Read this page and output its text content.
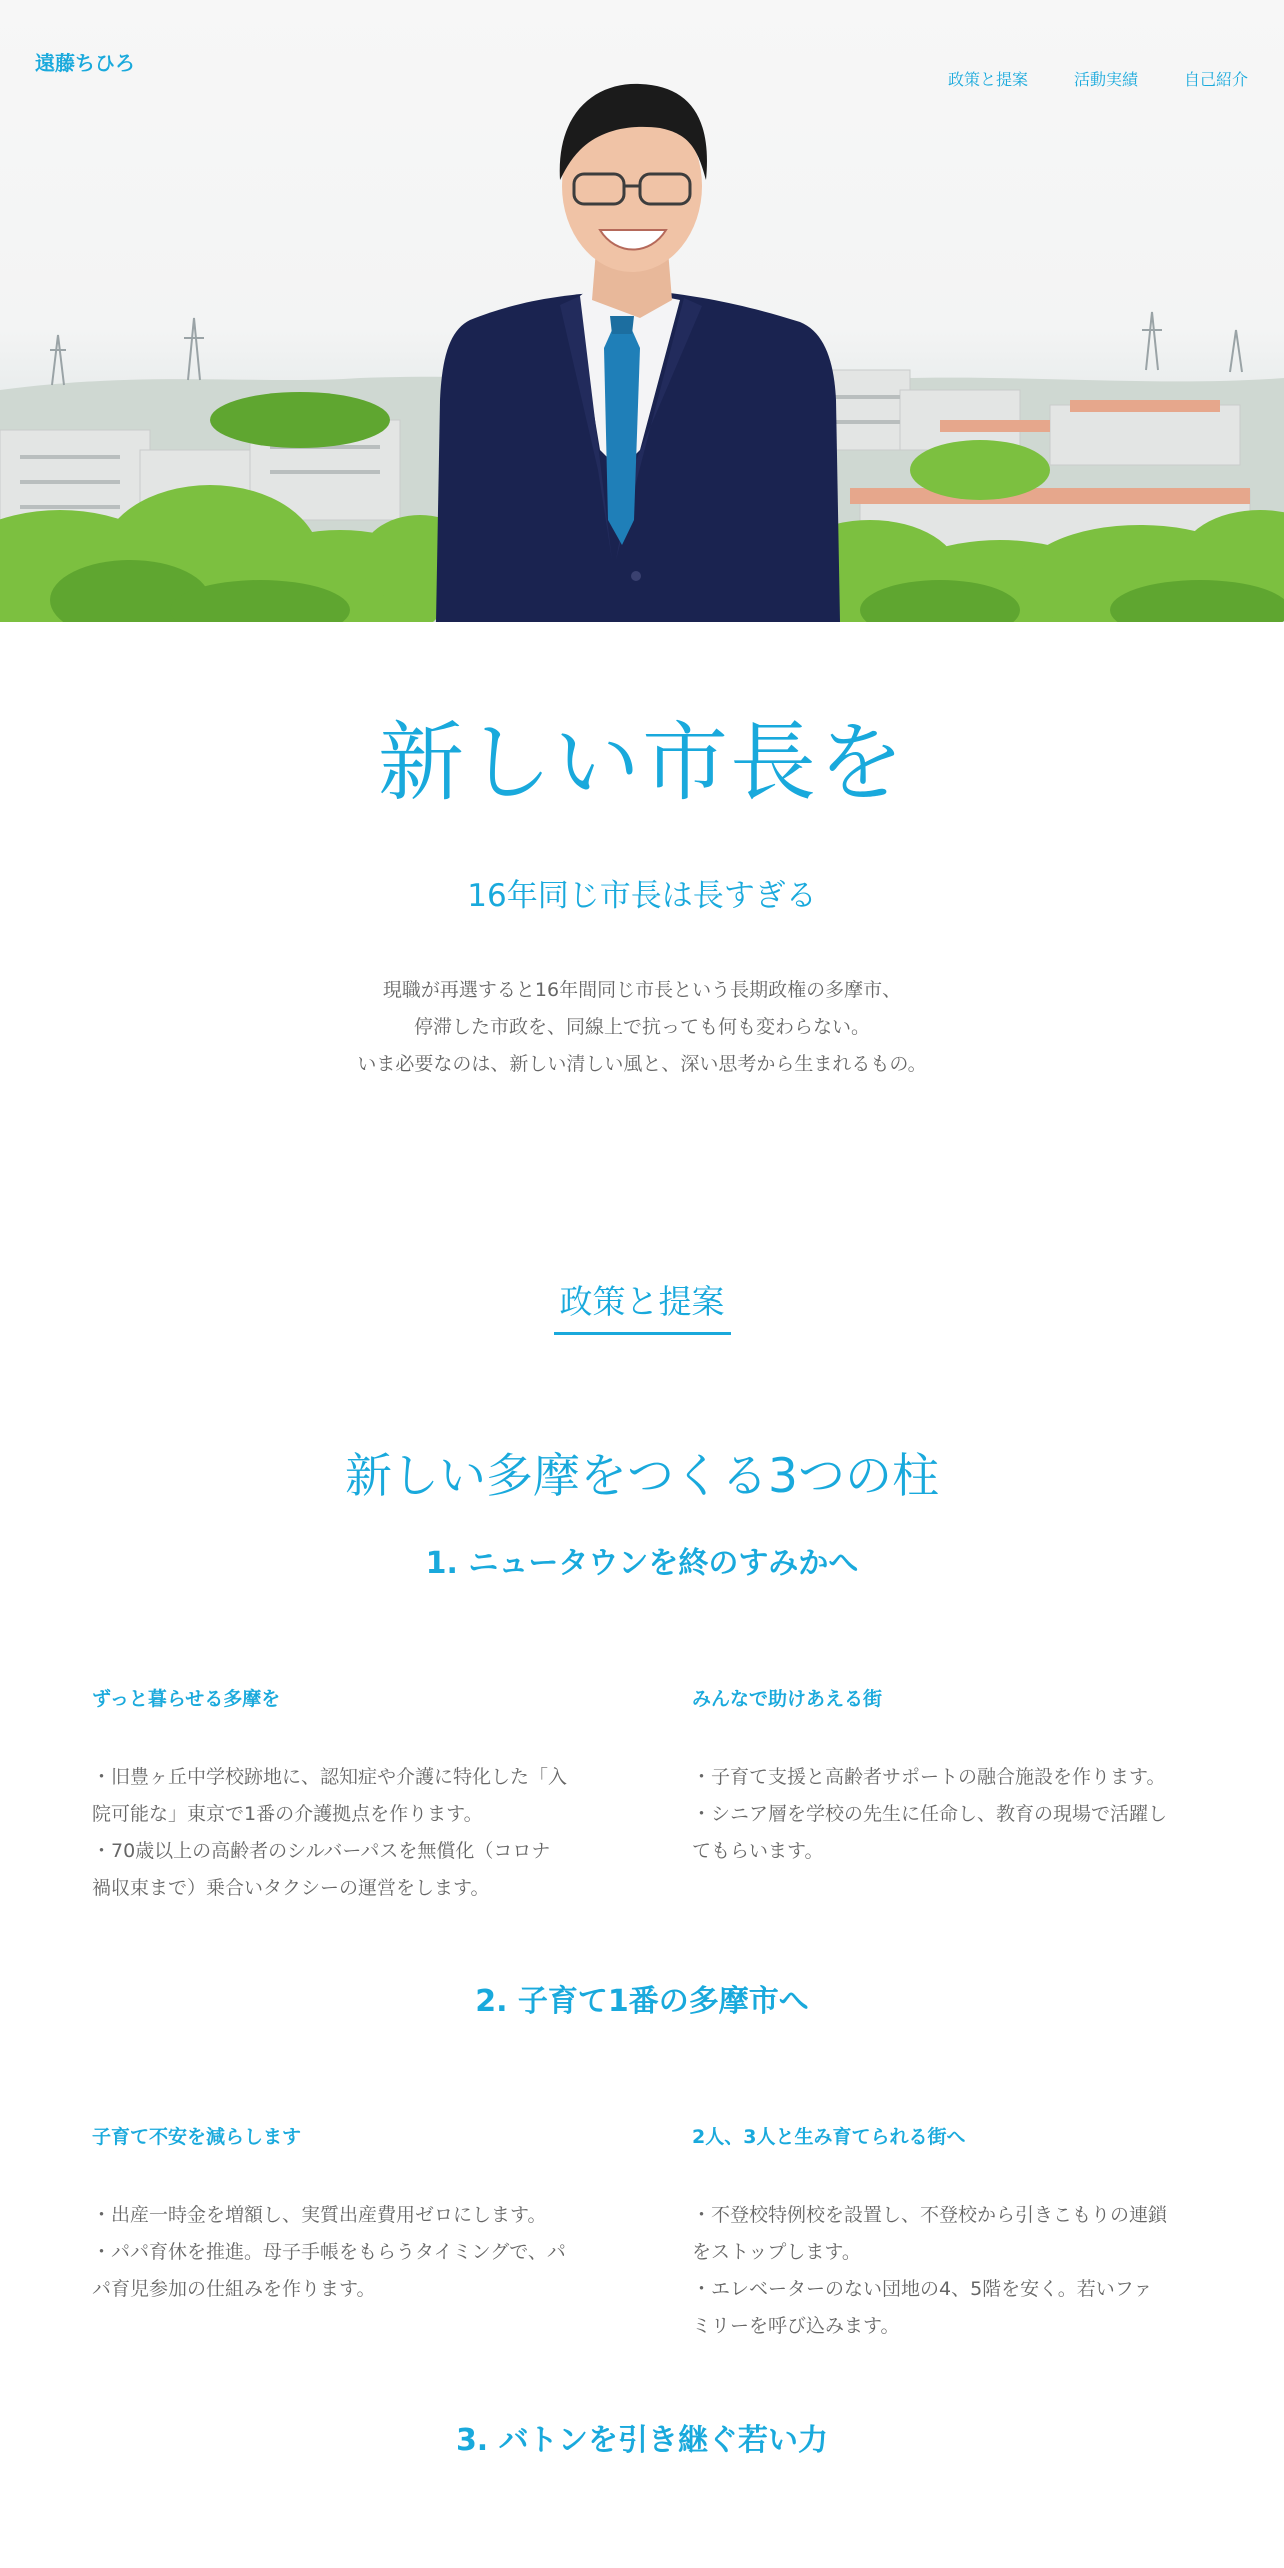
遠藤ちひろ
政策と提案	活動実績	自己紹介
新しい市長を
16年同じ市長は長すぎる
現職が再選すると16年間同じ市長という長期政権の多摩市、
停滞した市政を、同線上で抗っても何も変わらない。
いま必要なのは、新しい清しい風と、深い思考から生まれるもの。
政策と提案
新しい多摩をつくる3つの柱
1. ニュータウンを終のすみかへ
ずっと暮らせる多摩を
・旧豊ヶ丘中学校跡地に、認知症や介護に特化した「入
院可能な」東京で1番の介護拠点を作ります。
・70歳以上の高齢者のシルバーパスを無償化（コロナ
禍収束まで）乗合いタクシーの運営をします。
みんなで助けあえる街
・子育て支援と高齢者サポートの融合施設を作ります。
・シニア層を学校の先生に任命し、教育の現場で活躍し
てもらいます。
2. 子育て1番の多摩市へ
子育て不安を減らします
・出産一時金を増額し、実質出産費用ゼロにします。
・パパ育休を推進。母子手帳をもらうタイミングで、パ
パ育児参加の仕組みを作ります。
2人、3人と生み育てられる街へ
・不登校特例校を設置し、不登校から引きこもりの連鎖
をストップします。
・エレベーターのない団地の4、5階を安く。若いファ
ミリーを呼び込みます。
3. バトンを引き継ぐ若い力
